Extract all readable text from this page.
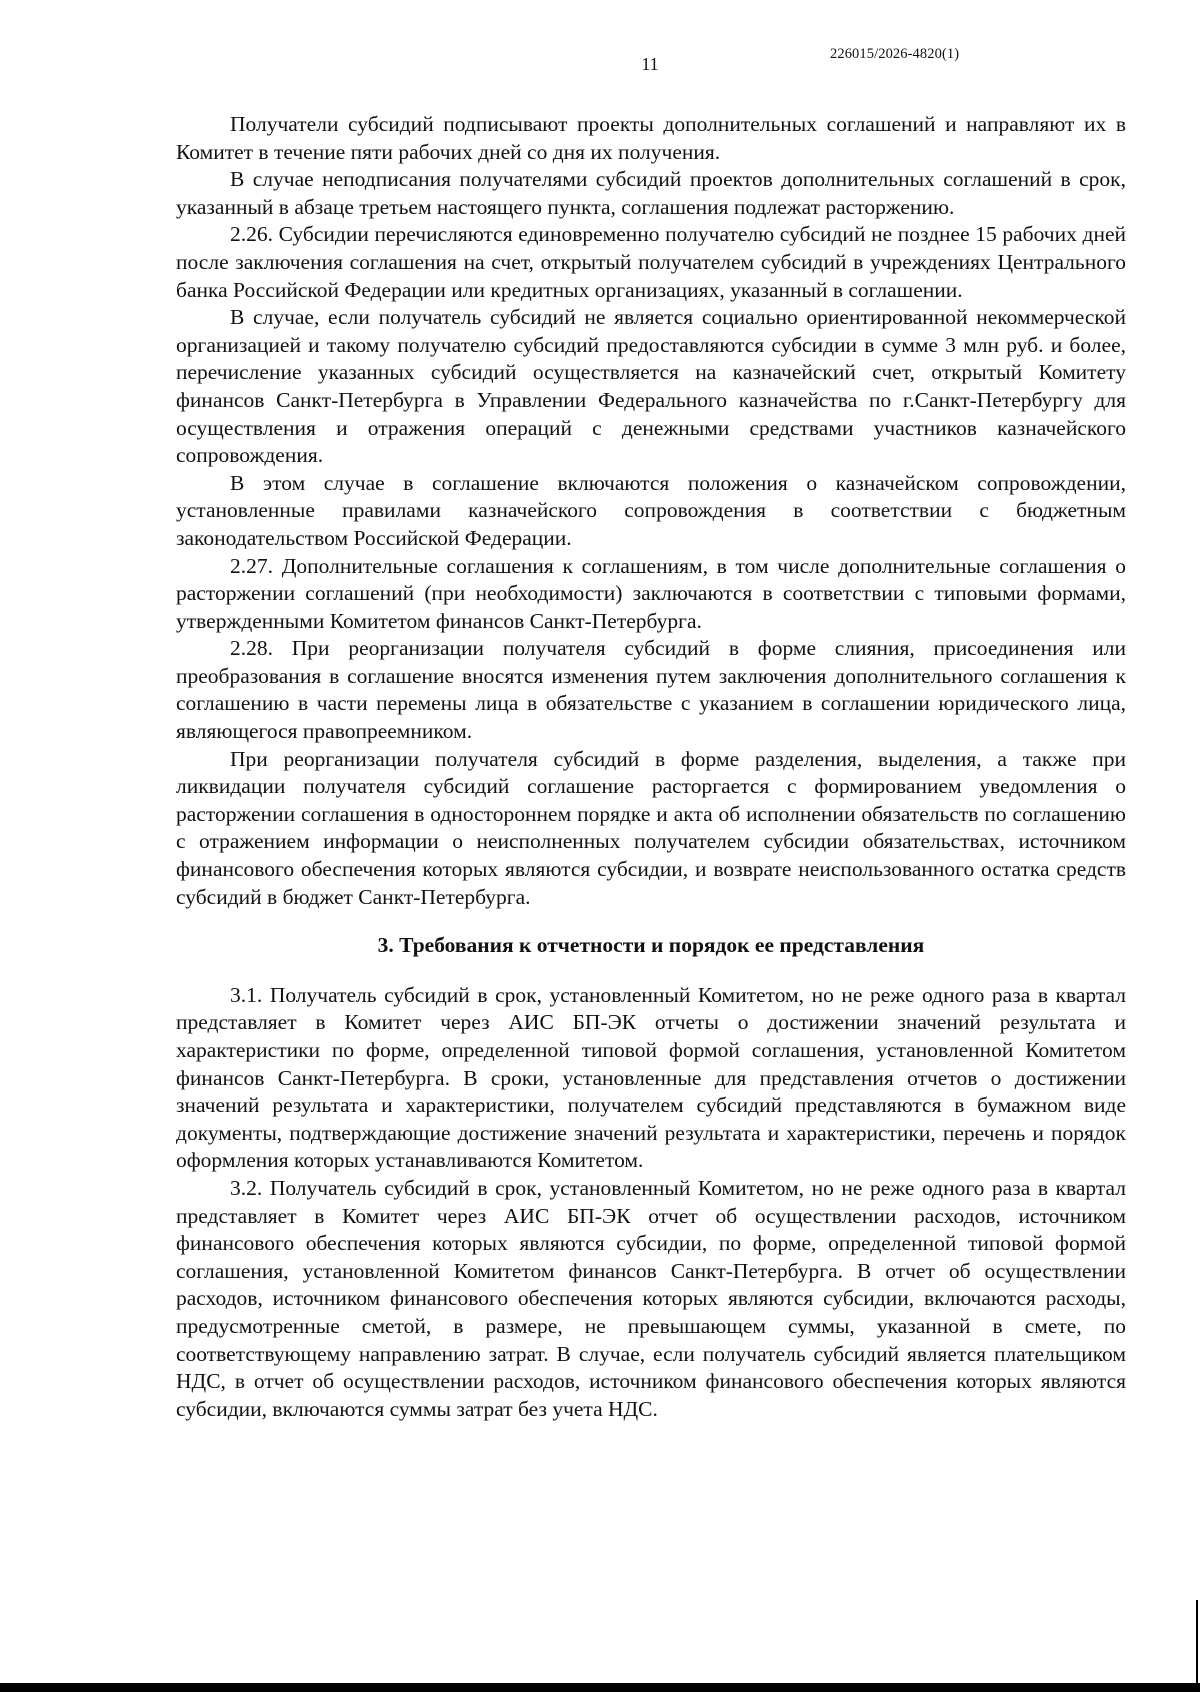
11	226015/2026-4820(1)

Получатели субсидий подписывают проекты дополнительных соглашений и направляют их в Комитет в течение пяти рабочих дней со дня их получения.

В случае неподписания получателями субсидий проектов дополнительных соглашений в срок, указанный в абзаце третьем настоящего пункта, соглашения подлежат расторжению.

2.26. Субсидии перечисляются единовременно получателю субсидий не позднее 15 рабочих дней после заключения соглашения на счет, открытый получателем субсидий в учреждениях Центрального банка Российской Федерации или кредитных организациях, указанный в соглашении.

В случае, если получатель субсидий не является социально ориентированной некоммерческой организацией и такому получателю субсидий предоставляются субсидии в сумме 3 млн руб. и более, перечисление указанных субсидий осуществляется на казначейский счет, открытый Комитету финансов Санкт-Петербурга в Управлении Федерального казначейства по г.Санкт-Петербургу для осуществления и отражения операций с денежными средствами участников казначейского сопровождения.

В этом случае в соглашение включаются положения о казначейском сопровождении, установленные правилами казначейского сопровождения в соответствии с бюджетным законодательством Российской Федерации.

2.27. Дополнительные соглашения к соглашениям, в том числе дополнительные соглашения о расторжении соглашений (при необходимости) заключаются в соответствии с типовыми формами, утвержденными Комитетом финансов Санкт-Петербурга.

2.28. При реорганизации получателя субсидий в форме слияния, присоединения или преобразования в соглашение вносятся изменения путем заключения дополнительного соглашения к соглашению в части перемены лица в обязательстве с указанием в соглашении юридического лица, являющегося правопреемником.

При реорганизации получателя субсидий в форме разделения, выделения, а также при ликвидации получателя субсидий соглашение расторгается с формированием уведомления о расторжении соглашения в одностороннем порядке и акта об исполнении обязательств по соглашению с отражением информации о неисполненных получателем субсидии обязательствах, источником финансового обеспечения которых являются субсидии, и возврате неиспользованного остатка средств субсидий в бюджет Санкт-Петербурга.

3. Требования к отчетности и порядок ее представления

3.1. Получатель субсидий в срок, установленный Комитетом, но не реже одного раза в квартал представляет в Комитет через АИС БП-ЭК отчеты о достижении значений результата и характеристики по форме, определенной типовой формой соглашения, установленной Комитетом финансов Санкт-Петербурга. В сроки, установленные для представления отчетов о достижении значений результата и характеристики, получателем субсидий представляются в бумажном виде документы, подтверждающие достижение значений результата и характеристики, перечень и порядок оформления которых устанавливаются Комитетом.

3.2. Получатель субсидий в срок, установленный Комитетом, но не реже одного раза в квартал представляет в Комитет через АИС БП-ЭК отчет об осуществлении расходов, источником финансового обеспечения которых являются субсидии, по форме, определенной типовой формой соглашения, установленной Комитетом финансов Санкт-Петербурга. В отчет об осуществлении расходов, источником финансового обеспечения которых являются субсидии, включаются расходы, предусмотренные сметой, в размере, не превышающем суммы, указанной в смете, по соответствующему направлению затрат. В случае, если получатель субсидий является плательщиком НДС, в отчет об осуществлении расходов, источником финансового обеспечения которых являются субсидии, включаются суммы затрат без учета НДС.
